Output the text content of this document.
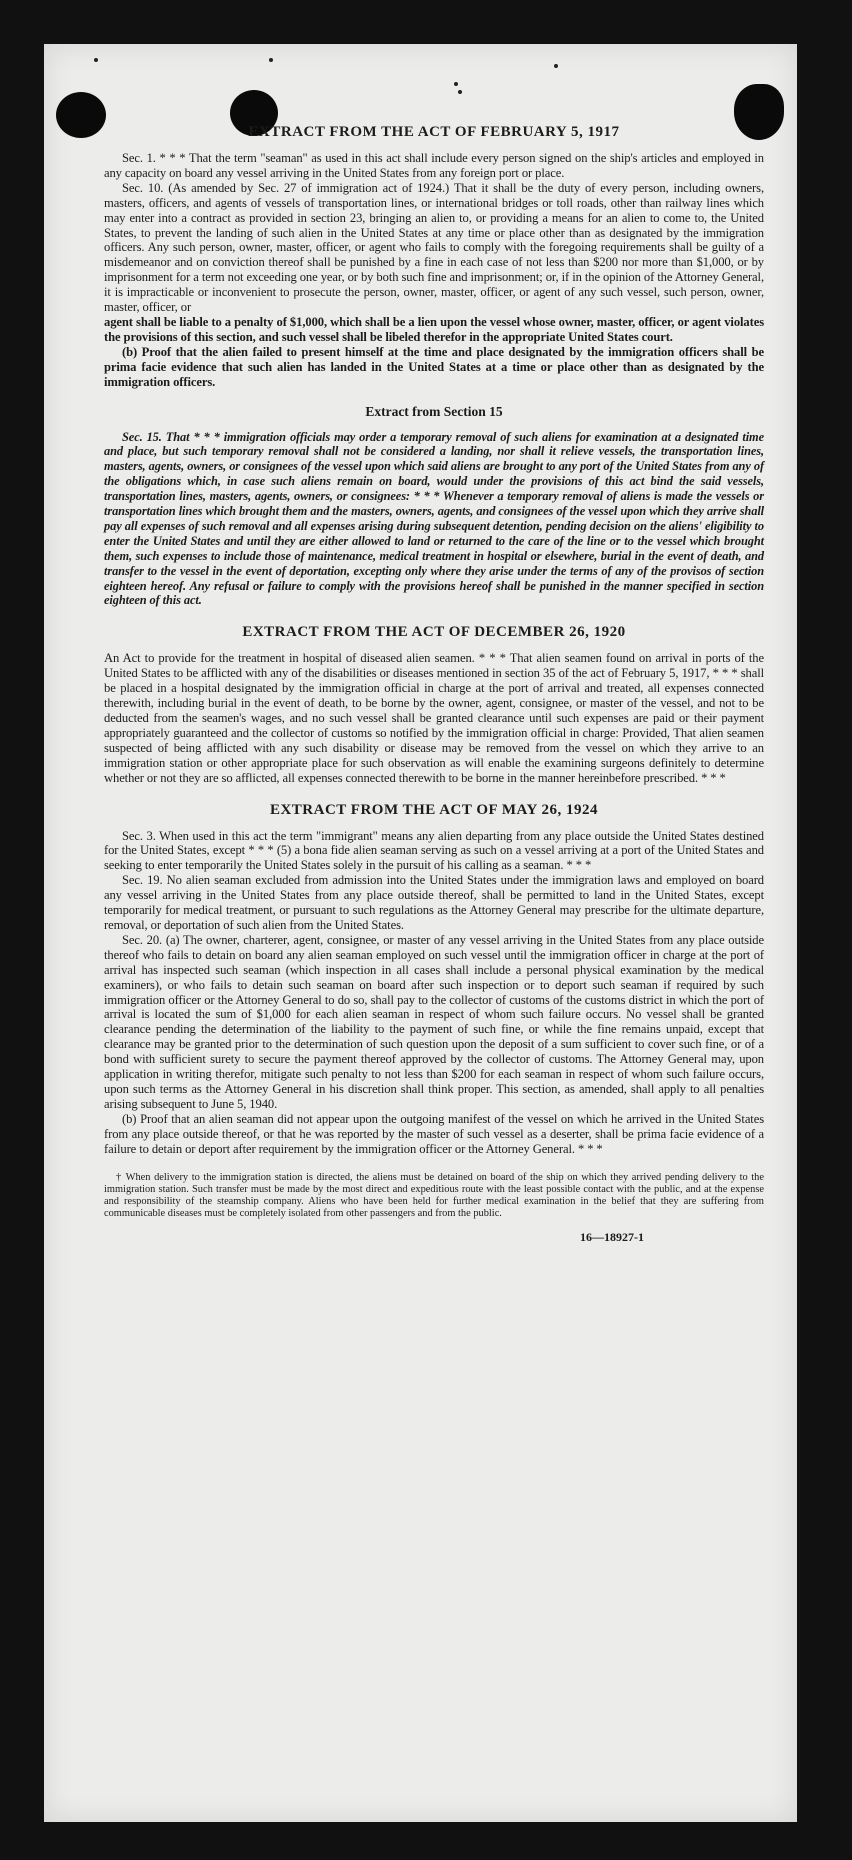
EXTRACT FROM THE ACT OF FEBRUARY 5, 1917

Sec. 1. * * * That the term "seaman" as used in this act shall include every person signed on the ship's articles and employed in any capacity on board any vessel arriving in the United States from any foreign port or place.

Sec. 10. (As amended by Sec. 27 of immigration act of 1924.) That it shall be the duty of every person, including owners, masters, officers, and agents of vessels of transportation lines, or international bridges or toll roads, other than railway lines which may enter into a contract as provided in section 23, bringing an alien to, or providing a means for an alien to come to, the United States, to prevent the landing of such alien in the United States at any time or place other than as designated by the immigration officers. Any such person, owner, master, officer, or agent who fails to comply with the foregoing requirements shall be guilty of a misdemeanor and on conviction thereof shall be punished by a fine in each case of not less than $200 nor more than $1,000, or by imprisonment for a term not exceeding one year, or by both such fine and imprisonment; or, if in the opinion of the Attorney General, it is impracticable or inconvenient to prosecute the person, owner, master, officer, or agent of any such vessel, such person, owner, master, officer, or

agent shall be liable to a penalty of $1,000, which shall be a lien upon the vessel whose owner, master, officer, or agent violates the provisions of this section, and such vessel shall be libeled therefor in the appropriate United States court.

(b) Proof that the alien failed to present himself at the time and place designated by the immigration officers shall be prima facie evidence that such alien has landed in the United States at a time or place other than as designated by the immigration officers.

Extract from Section 15

Sec. 15. That * * * immigration officials may order a temporary removal of such aliens for examination at a designated time and place, but such temporary removal shall not be considered a landing, nor shall it relieve vessels, the transportation lines, masters, agents, owners, or consignees of the vessel upon which said aliens are brought to any port of the United States from any of the obligations which, in case such aliens remain on board, would under the provisions of this act bind the said vessels, transportation lines, masters, agents, owners, or consignees: * * * Whenever a temporary removal of aliens is made the vessels or transportation lines which brought them and the masters, owners, agents, and consignees of the vessel upon which they arrive shall pay all expenses of such removal and all expenses arising during subsequent detention, pending decision on the aliens' eligibility to enter the United States and until they are either allowed to land or returned to the care of the line or to the vessel which brought them, such expenses to include those of maintenance, medical treatment in hospital or elsewhere, burial in the event of death, and transfer to the vessel in the event of deportation, excepting only where they arise under the terms of any of the provisos of section eighteen hereof. Any refusal or failure to comply with the provisions hereof shall be punished in the manner specified in section eighteen of this act.

EXTRACT FROM THE ACT OF DECEMBER 26, 1920

An Act to provide for the treatment in hospital of diseased alien seamen. * * * That alien seamen found on arrival in ports of the United States to be afflicted with any of the disabilities or diseases mentioned in section 35 of the act of February 5, 1917, * * * shall be placed in a hospital designated by the immigration official in charge at the port of arrival and treated, all expenses connected therewith, including burial in the event of death, to be borne by the owner, agent, consignee, or master of the vessel, and not to be deducted from the seamen's wages, and no such vessel shall be granted clearance until such expenses are paid or their payment appropriately guaranteed and the collector of customs so notified by the immigration official in charge: Provided, That alien seamen suspected of being afflicted with any such disability or disease may be removed from the vessel on which they arrive to an immigration station or other appropriate place for such observation as will enable the examining surgeons definitely to determine whether or not they are so afflicted, all expenses connected therewith to be borne in the manner hereinbefore prescribed. * * *

EXTRACT FROM THE ACT OF MAY 26, 1924

Sec. 3. When used in this act the term "immigrant" means any alien departing from any place outside the United States destined for the United States, except * * * (5) a bona fide alien seaman serving as such on a vessel arriving at a port of the United States and seeking to enter temporarily the United States solely in the pursuit of his calling as a seaman. * * *

Sec. 19. No alien seaman excluded from admission into the United States under the immigration laws and employed on board any vessel arriving in the United States from any place outside thereof, shall be permitted to land in the United States, except temporarily for medical treatment, or pursuant to such regulations as the Attorney General may prescribe for the ultimate departure, removal, or deportation of such alien from the United States.

Sec. 20. (a) The owner, charterer, agent, consignee, or master of any vessel arriving in the United States from any place outside thereof who fails to detain on board any alien seaman employed on such vessel until the immigration officer in charge at the port of arrival has inspected such seaman (which inspection in all cases shall include a personal physical examination by the medical examiners), or who fails to detain such seaman on board after such inspection or to deport such seaman if required by such immigration officer or the Attorney General to do so, shall pay to the collector of customs of the customs district in which the port of arrival is located the sum of $1,000 for each alien seaman in respect of whom such failure occurs. No vessel shall be granted clearance pending the determination of the liability to the payment of such fine, or while the fine remains unpaid, except that clearance may be granted prior to the determination of such question upon the deposit of a sum sufficient to cover such fine, or of a bond with sufficient surety to secure the payment thereof approved by the collector of customs. The Attorney General may, upon application in writing therefor, mitigate such penalty to not less than $200 for each seaman in respect of whom such failure occurs, upon such terms as the Attorney General in his discretion shall think proper. This section, as amended, shall apply to all penalties arising subsequent to June 5, 1940.

(b) Proof that an alien seaman did not appear upon the outgoing manifest of the vessel on which he arrived in the United States from any place outside thereof, or that he was reported by the master of such vessel as a deserter, shall be prima facie evidence of a failure to detain or deport after requirement by the immigration officer or the Attorney General. * * *

† When delivery to the immigration station is directed, the aliens must be detained on board of the ship on which they arrived pending delivery to the immigration station. Such transfer must be made by the most direct and expeditious route with the least possible contact with the public, and at the expense and responsibility of the steamship company. Aliens who have been held for further medical examination in the belief that they are suffering from communicable diseases must be completely isolated from other passengers and from the public.
16—18927-1
